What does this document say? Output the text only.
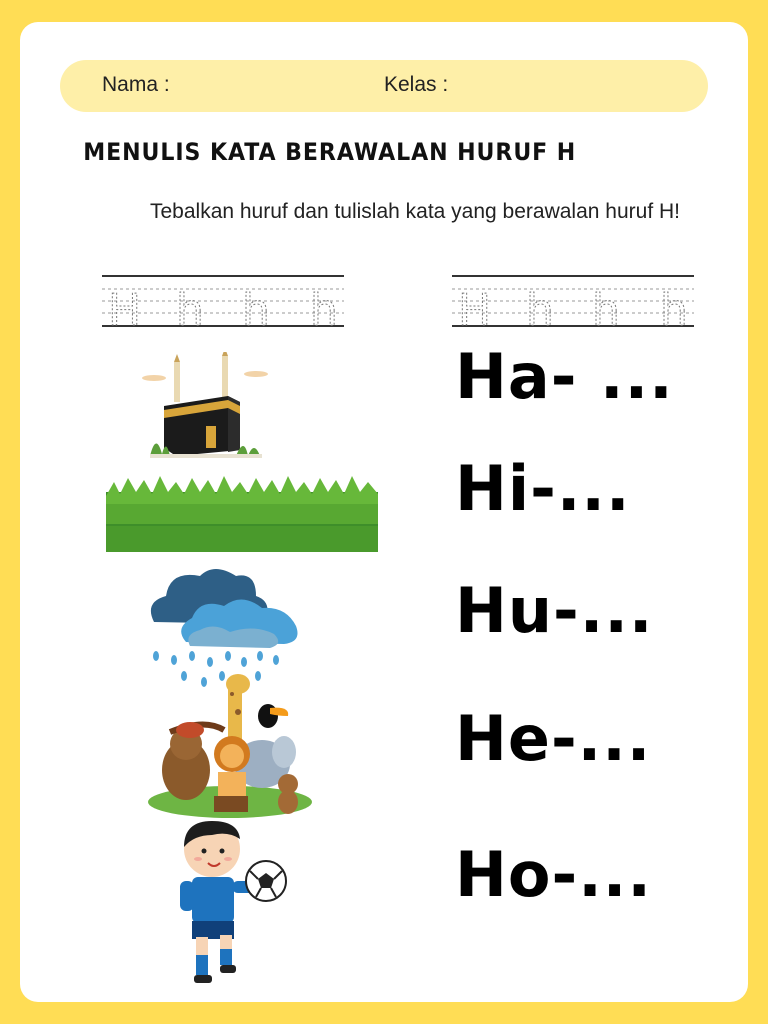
Nama :	Kelas :
MENULIS KATA BERAWALAN HURUF H
Tebalkan huruf dan tulislah kata yang berawalan huruf H!
H h h h	H h h h
Ha- ...
Hi-...
Hu-...
He-...
Ho-...
